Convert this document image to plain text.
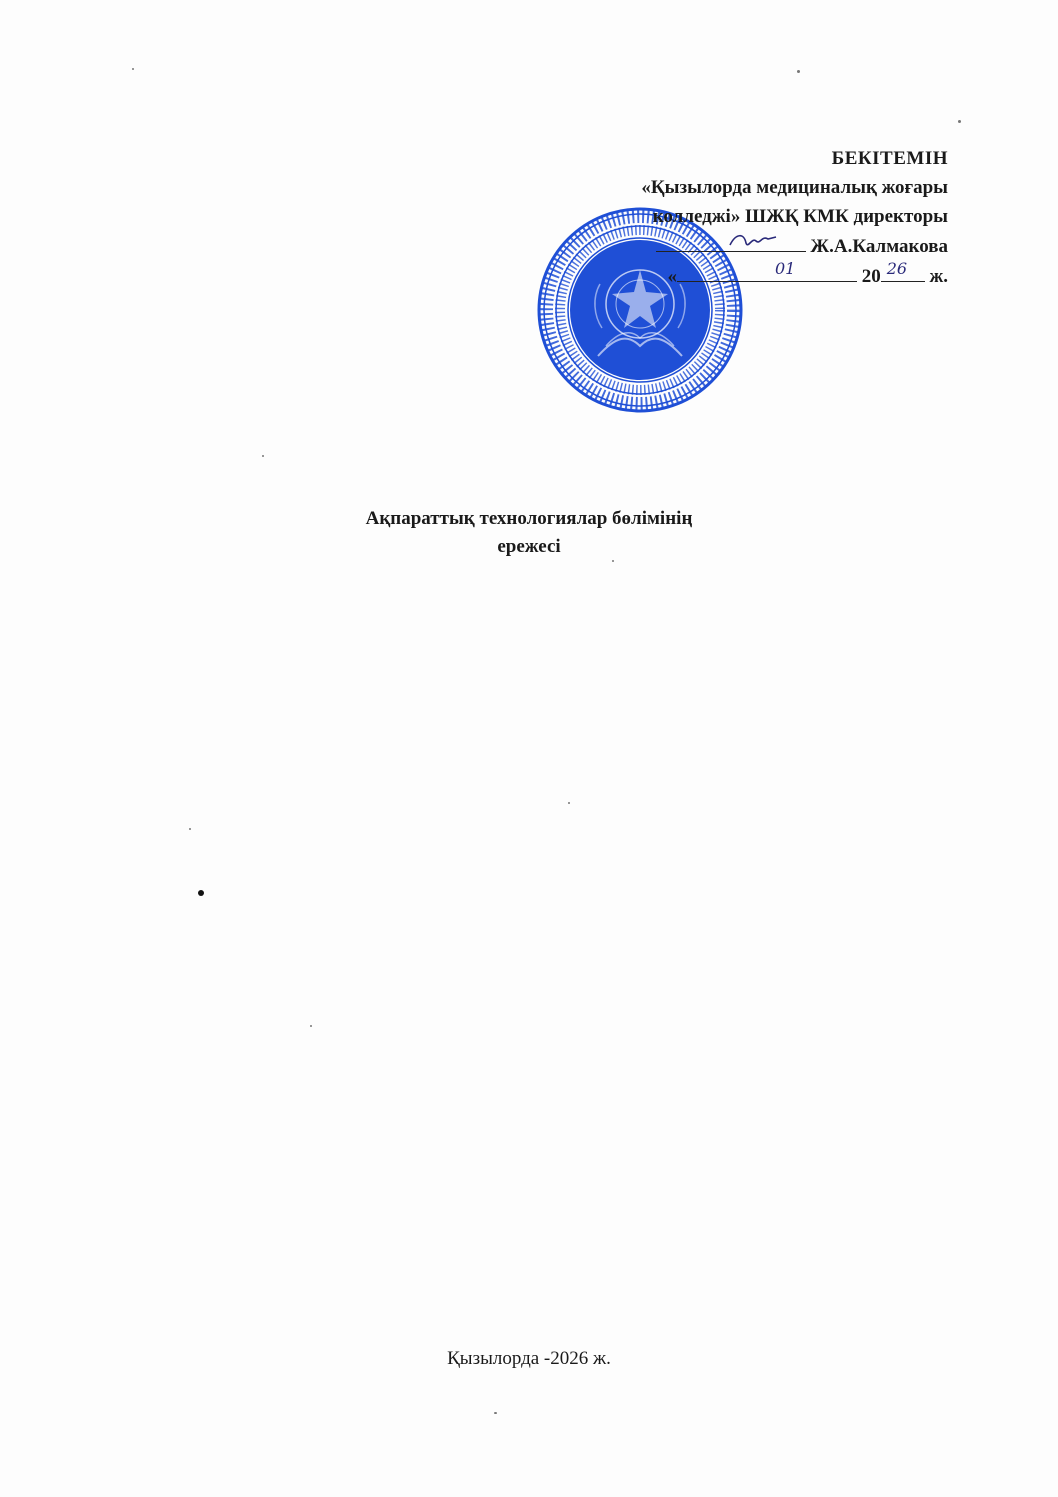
БЕКІТЕМІН
«Қызылорда медициналық жоғары
колледжі» ШЖҚ КМК директоры
Ж.А.Калмакова
«	01	20 26 ж.
Ақпараттық технологиялар бөлімінің
ережесі
Қызылорда -2026 ж.
